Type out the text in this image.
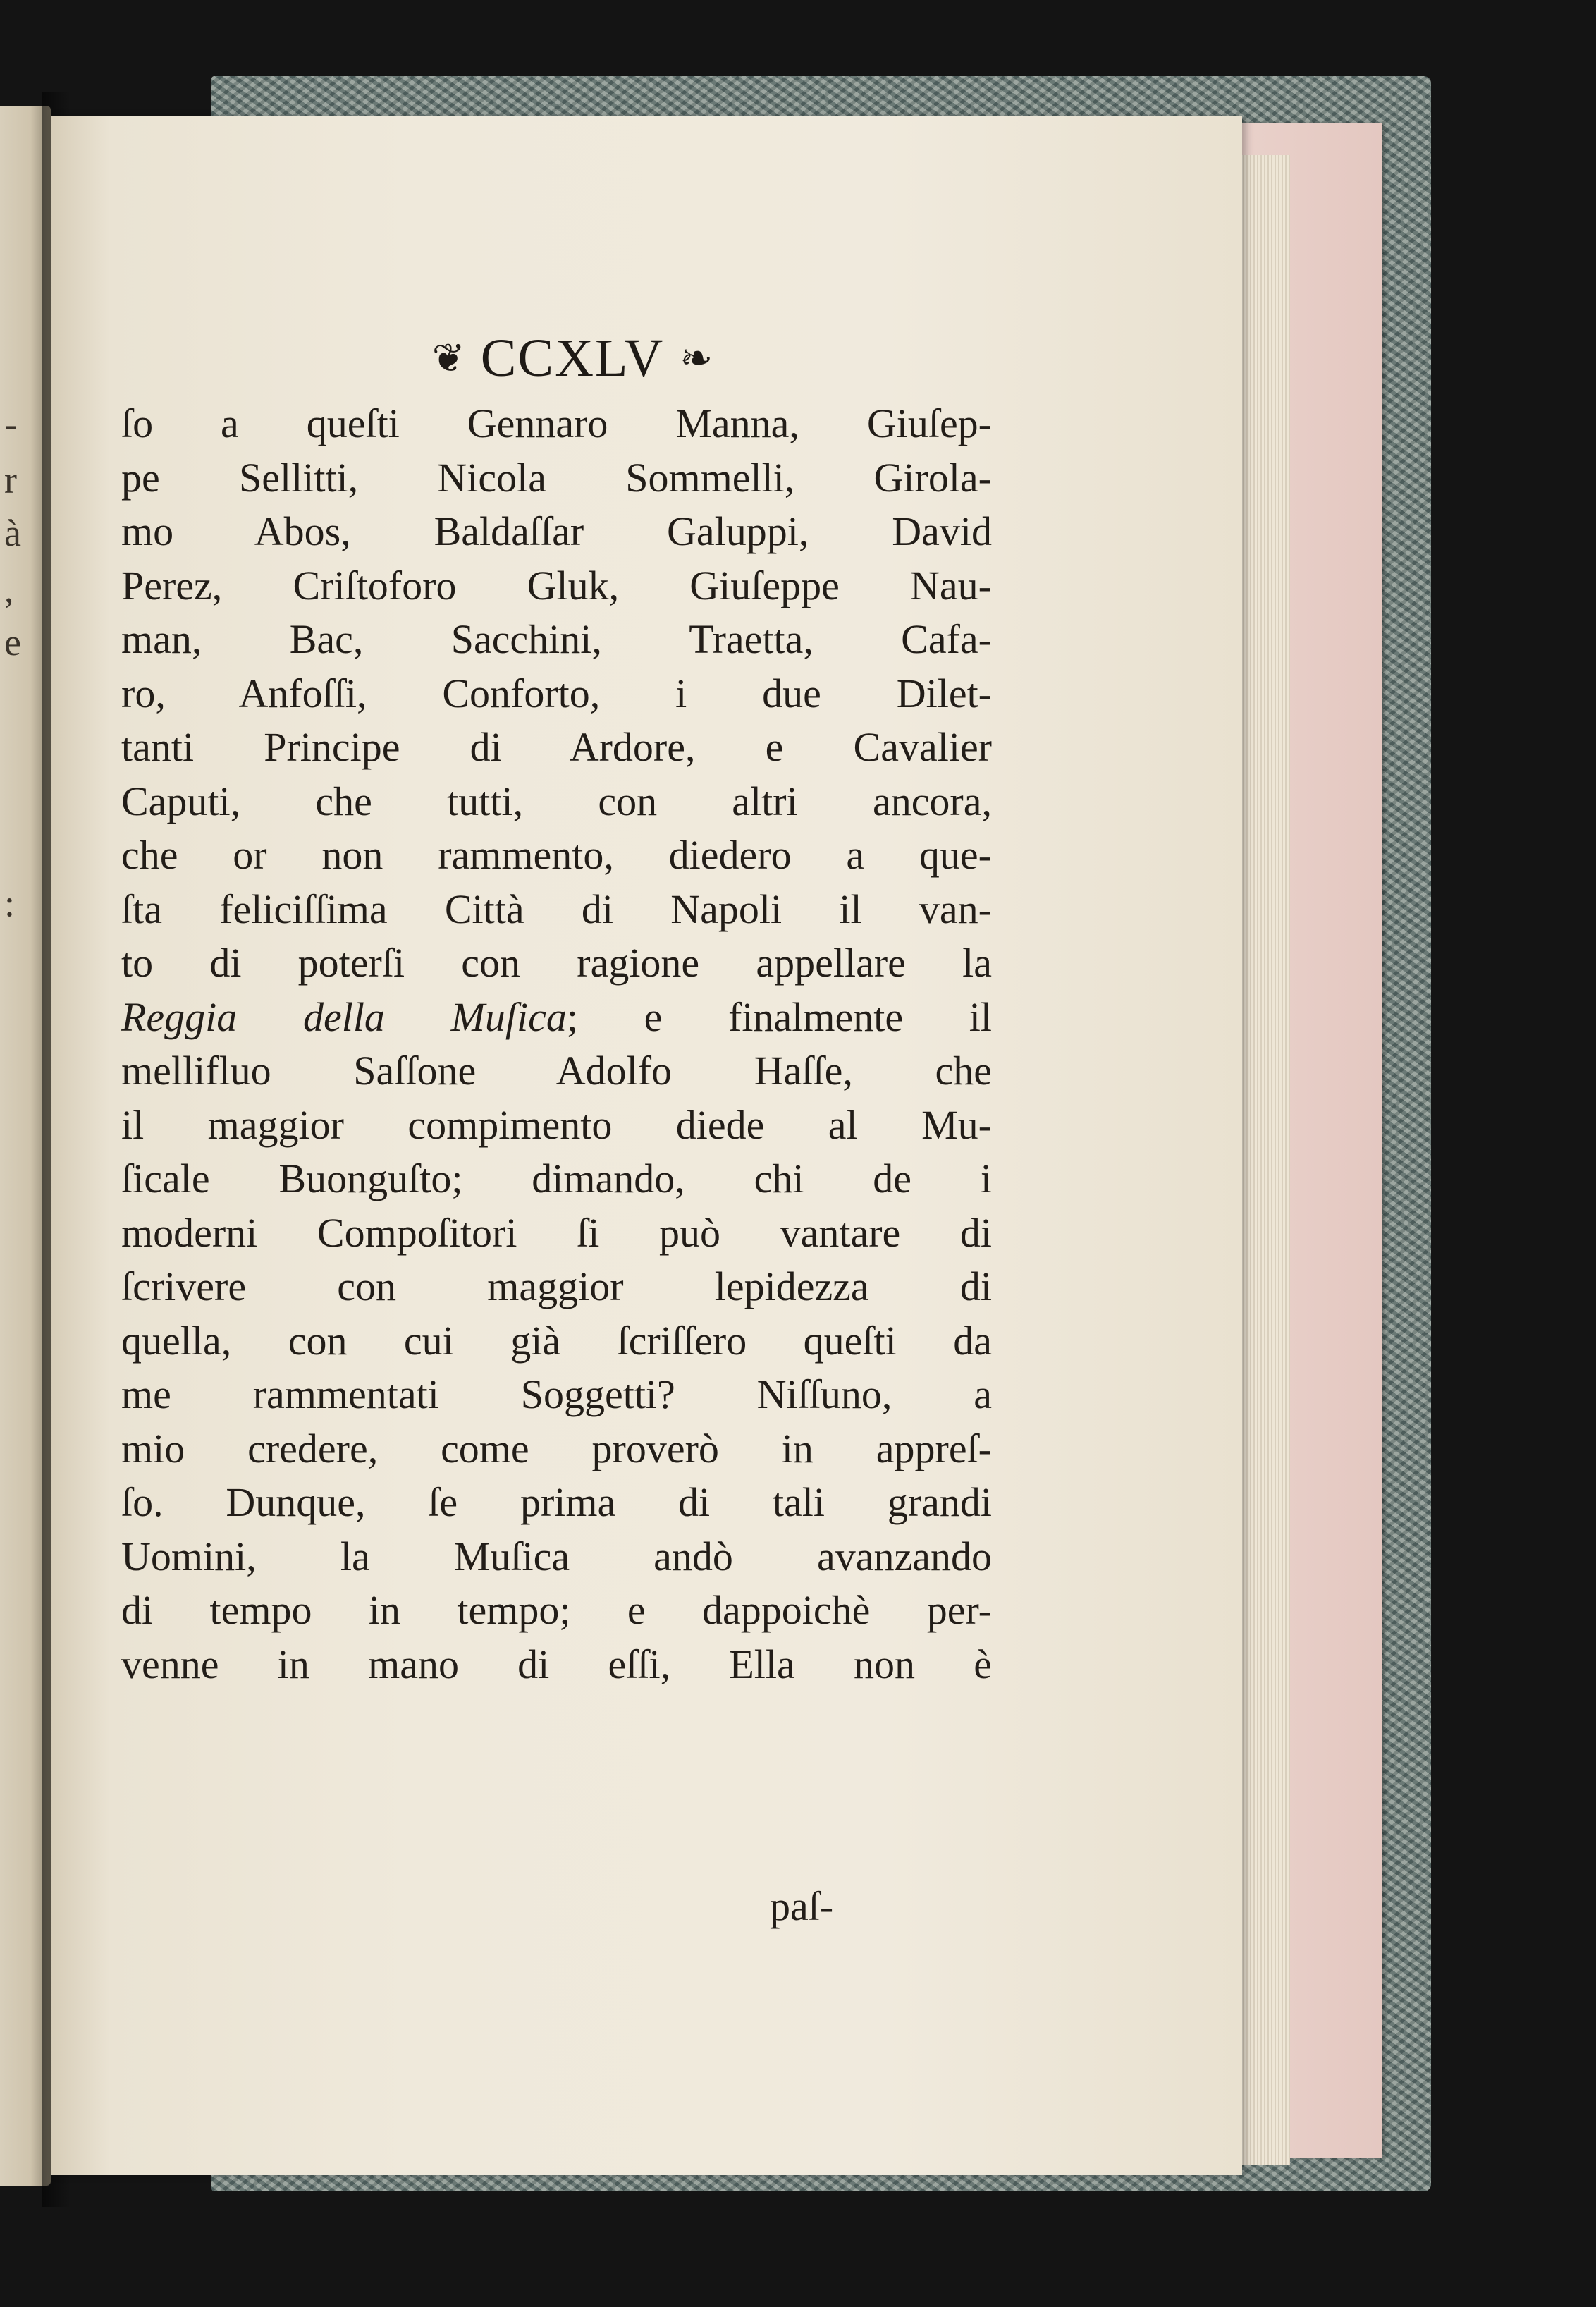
-
r
à
,
e
:
❦ CCXLV ❧
ſo a queſti Gennaro Manna, Giuſep-
pe Sellitti, Nicola Sommelli, Girola-
mo Abos, Baldaſſar Galuppi, David
Perez, Criſtoforo Gluk, Giuſeppe Nau-
man, Bac, Sacchini, Traetta, Cafa-
ro, Anfoſſi, Conforto, i due Dilet-
tanti Principe di Ardore, e Cavalier
Caputi, che tutti, con altri ancora,
che or non rammento, diedero a que-
ſta feliciſſima Città di Napoli il van-
to di poterſi con ragione appellare la
Reggia della Muſica; e finalmente il
mellifluo Saſſone Adolfo Haſſe, che
il maggior compimento diede al Mu-
ſicale Buonguſto; dimando, chi de i
moderni Compoſitori ſi può vantare di
ſcrivere con maggior lepidezza di
quella, con cui già ſcriſſero queſti da
me rammentati Soggetti? Niſſuno, a
mio credere, come proverò in appreſ-
ſo. Dunque, ſe prima di tali grandi
Uomini, la Muſica andò avanzando
di tempo in tempo; e dappoichè per-
venne in mano di eſſi, Ella non è
paſ-
